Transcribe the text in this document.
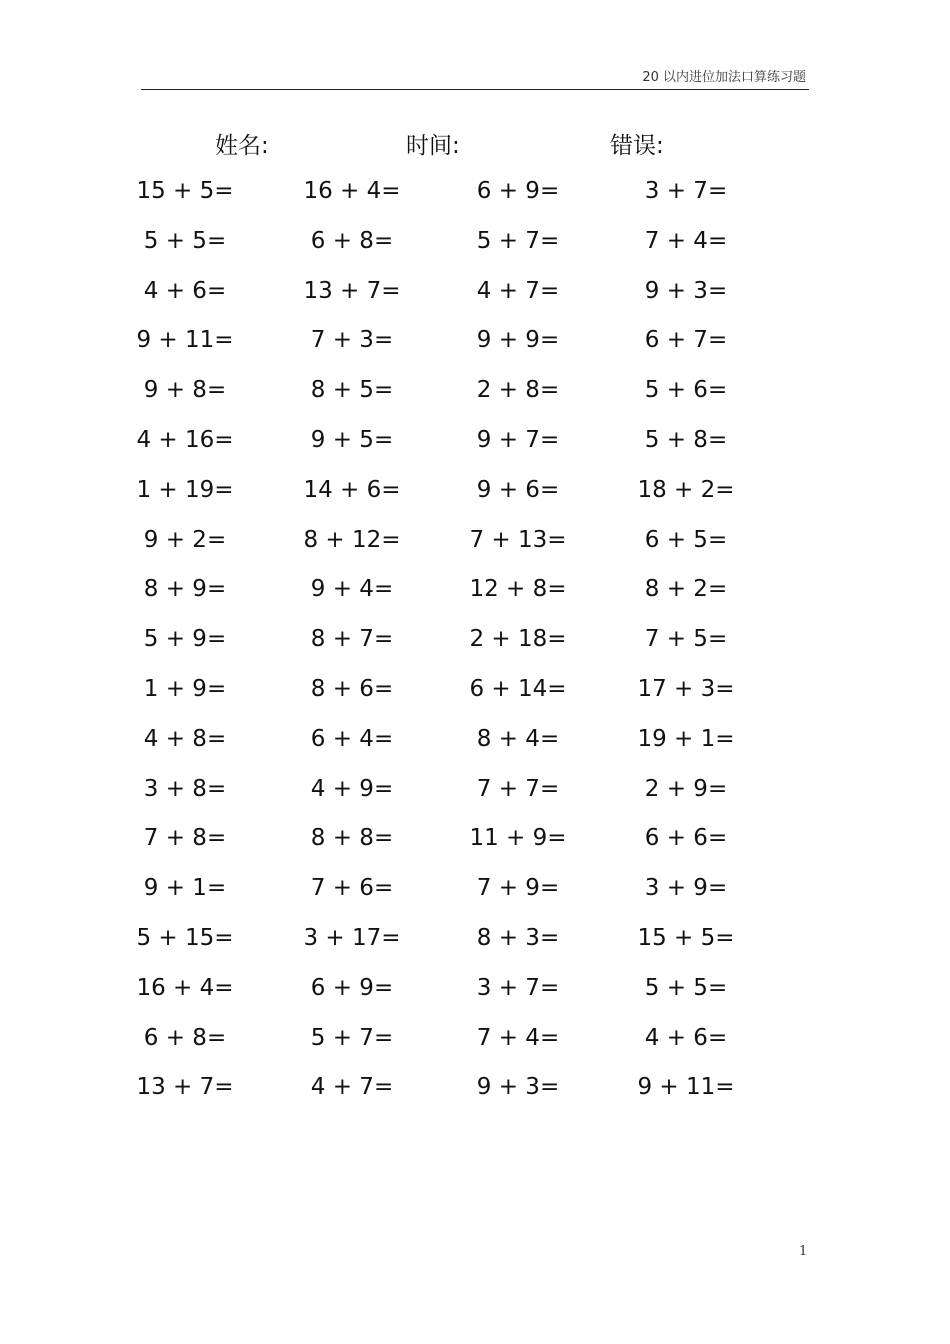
20 以内进位加法口算练习题
姓名:	时间:	错误:
15 + 5=	16 + 4=	6 + 9=	3 + 7=
5 + 5=	6 + 8=	5 + 7=	7 + 4=
4 + 6=	13 + 7=	4 + 7=	9 + 3=
9 + 11=	7 + 3=	9 + 9=	6 + 7=
9 + 8=	8 + 5=	2 + 8=	5 + 6=
4 + 16=	9 + 5=	9 + 7=	5 + 8=
1 + 19=	14 + 6=	9 + 6=	18 + 2=
9 + 2=	8 + 12=	7 + 13=	6 + 5=
8 + 9=	9 + 4=	12 + 8=	8 + 2=
5 + 9=	8 + 7=	2 + 18=	7 + 5=
1 + 9=	8 + 6=	6 + 14=	17 + 3=
4 + 8=	6 + 4=	8 + 4=	19 + 1=
3 + 8=	4 + 9=	7 + 7=	2 + 9=
7 + 8=	8 + 8=	11 + 9=	6 + 6=
9 + 1=	7 + 6=	7 + 9=	3 + 9=
5 + 15=	3 + 17=	8 + 3=	15 + 5=
16 + 4=	6 + 9=	3 + 7=	5 + 5=
6 + 8=	5 + 7=	7 + 4=	4 + 6=
13 + 7=	4 + 7=	9 + 3=	9 + 11=
1
